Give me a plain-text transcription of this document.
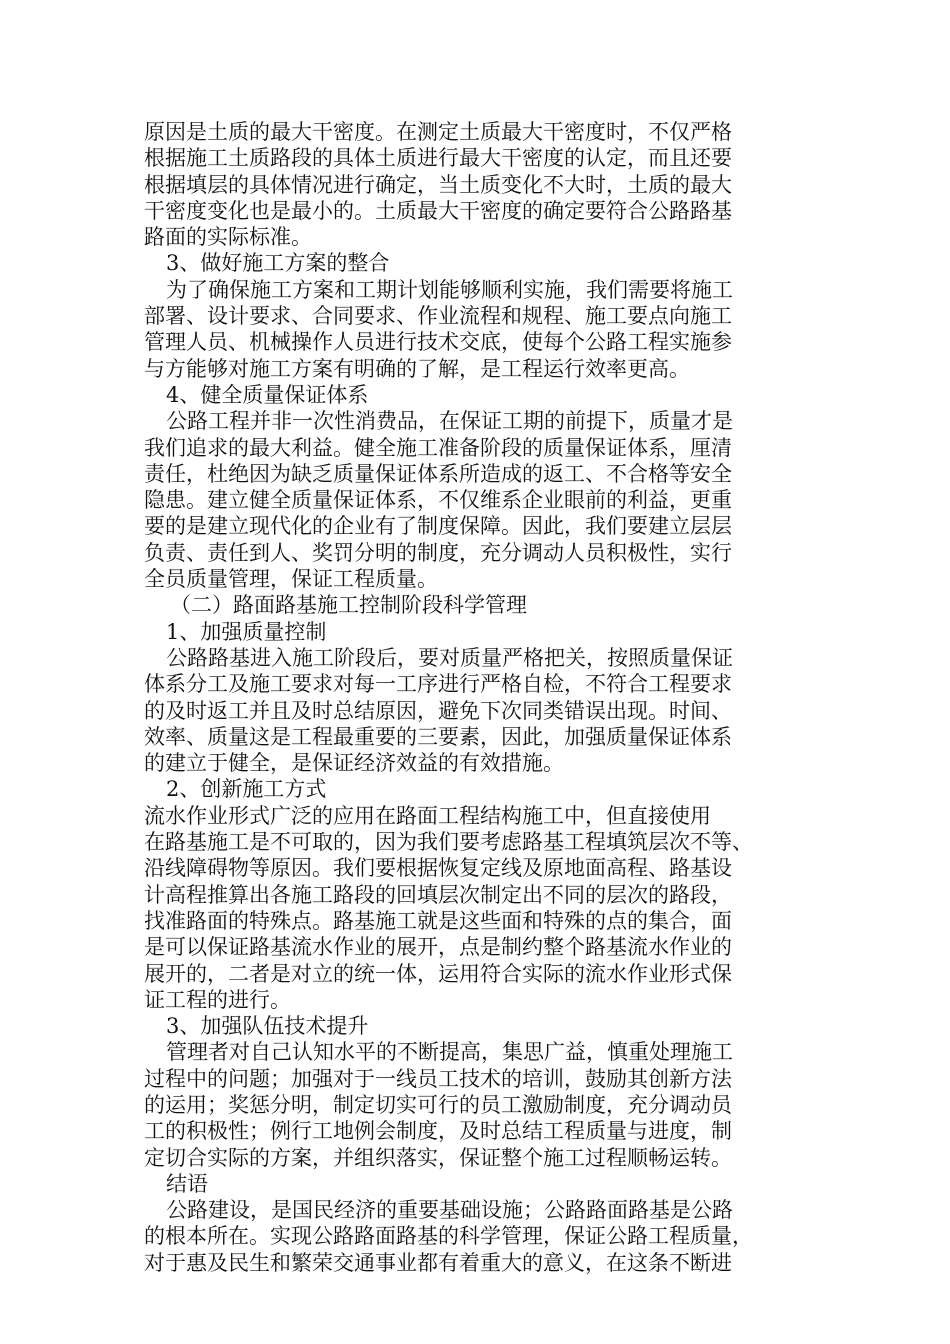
原因是土质的最大干密度。在测定土质最大干密度时，不仅严格
根据施工土质路段的具体土质进行最大干密度的认定，而且还要
根据填层的具体情况进行确定，当土质变化不大时，土质的最大
干密度变化也是最小的。土质最大干密度的确定要符合公路路基
路面的实际标准。
3、做好施工方案的整合
为了确保施工方案和工期计划能够顺利实施，我们需要将施工
部署、设计要求、合同要求、作业流程和规程、施工要点向施工
管理人员、机械操作人员进行技术交底，使每个公路工程实施参
与方能够对施工方案有明确的了解，是工程运行效率更高。
4、健全质量保证体系
公路工程并非一次性消费品，在保证工期的前提下，质量才是
我们追求的最大利益。健全施工准备阶段的质量保证体系，厘清
责任，杜绝因为缺乏质量保证体系所造成的返工、不合格等安全
隐患。建立健全质量保证体系，不仅维系企业眼前的利益，更重
要的是建立现代化的企业有了制度保障。因此，我们要建立层层
负责、责任到人、奖罚分明的制度，充分调动人员积极性，实行
全员质量管理，保证工程质量。
（二）路面路基施工控制阶段科学管理
1、加强质量控制
公路路基进入施工阶段后，要对质量严格把关，按照质量保证
体系分工及施工要求对每一工序进行严格自检，不符合工程要求
的及时返工并且及时总结原因，避免下次同类错误出现。时间、
效率、质量这是工程最重要的三要素，因此，加强质量保证体系
的建立于健全，是保证经济效益的有效措施。
2、创新施工方式
流水作业形式广泛的应用在路面工程结构施工中，但直接使用
在路基施工是不可取的，因为我们要考虑路基工程填筑层次不等、
沿线障碍物等原因。我们要根据恢复定线及原地面高程、路基设
计高程推算出各施工路段的回填层次制定出不同的层次的路段，
找准路面的特殊点。路基施工就是这些面和特殊的点的集合，面
是可以保证路基流水作业的展开，点是制约整个路基流水作业的
展开的，二者是对立的统一体，运用符合实际的流水作业形式保
证工程的进行。
3、加强队伍技术提升
管理者对自己认知水平的不断提高，集思广益，慎重处理施工
过程中的问题；加强对于一线员工技术的培训，鼓励其创新方法
的运用；奖惩分明，制定切实可行的员工激励制度，充分调动员
工的积极性；例行工地例会制度，及时总结工程质量与进度，制
定切合实际的方案，并组织落实，保证整个施工过程顺畅运转。
结语
公路建设，是国民经济的重要基础设施；公路路面路基是公路
的根本所在。实现公路路面路基的科学管理，保证公路工程质量，
对于惠及民生和繁荣交通事业都有着重大的意义，在这条不断进
